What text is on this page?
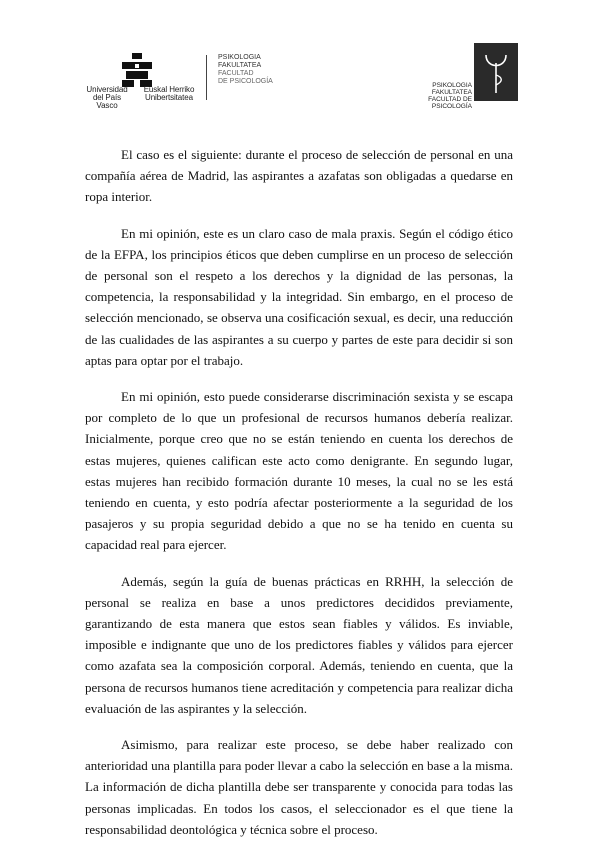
Universidad
del País Vasco
Euskal Herriko
Unibertsitatea
PSIKOLOGIA
FAKULTATEA
FACULTAD
DE PSICOLOGÍA
PSIKOLOGIA FAKULTATEA
FACULTAD DE PSICOLOGÍA

El caso es el siguiente: durante el proceso de selección de personal en una compañía aérea de Madrid, las aspirantes a azafatas son obligadas a quedarse en ropa interior.

En mi opinión, este es un claro caso de mala praxis. Según el código ético de la EFPA, los principios éticos que deben cumplirse en un proceso de selección de personal son el respeto a los derechos y la dignidad de las personas, la competencia, la responsabilidad y la integridad. Sin embargo, en el proceso de selección mencionado, se observa una cosificación sexual, es decir, una reducción de las cualidades de las aspirantes a su cuerpo y partes de este para decidir si son aptas para optar por el trabajo.

En mi opinión, esto puede considerarse discriminación sexista y se escapa por completo de lo que un profesional de recursos humanos debería realizar. Inicialmente, porque creo que no se están teniendo en cuenta los derechos de estas mujeres, quienes califican este acto como denigrante. En segundo lugar, estas mujeres han recibido formación durante 10 meses, la cual no se les está teniendo en cuenta, y esto podría afectar posteriormente a la seguridad de los pasajeros y su propia seguridad debido a que no se ha tenido en cuenta su capacidad real para ejercer.

Además, según la guía de buenas prácticas en RRHH, la selección de personal se realiza en base a unos predictores decididos previamente, garantizando de esta manera que estos sean fiables y válidos. Es inviable, imposible e indignante que uno de los predictores fiables y válidos para ejercer como azafata sea la composición corporal. Además, teniendo en cuenta, que la persona de recursos humanos tiene acreditación y competencia para realizar dicha evaluación de las aspirantes y la selección.

Asimismo, para realizar este proceso, se debe haber realizado con anterioridad una plantilla para poder llevar a cabo la selección en base a la misma. La información de dicha plantilla debe ser transparente y conocida para todas las personas implicadas. En todos los casos, el seleccionador es el que tiene la responsabilidad deontológica y técnica sobre el proceso.
